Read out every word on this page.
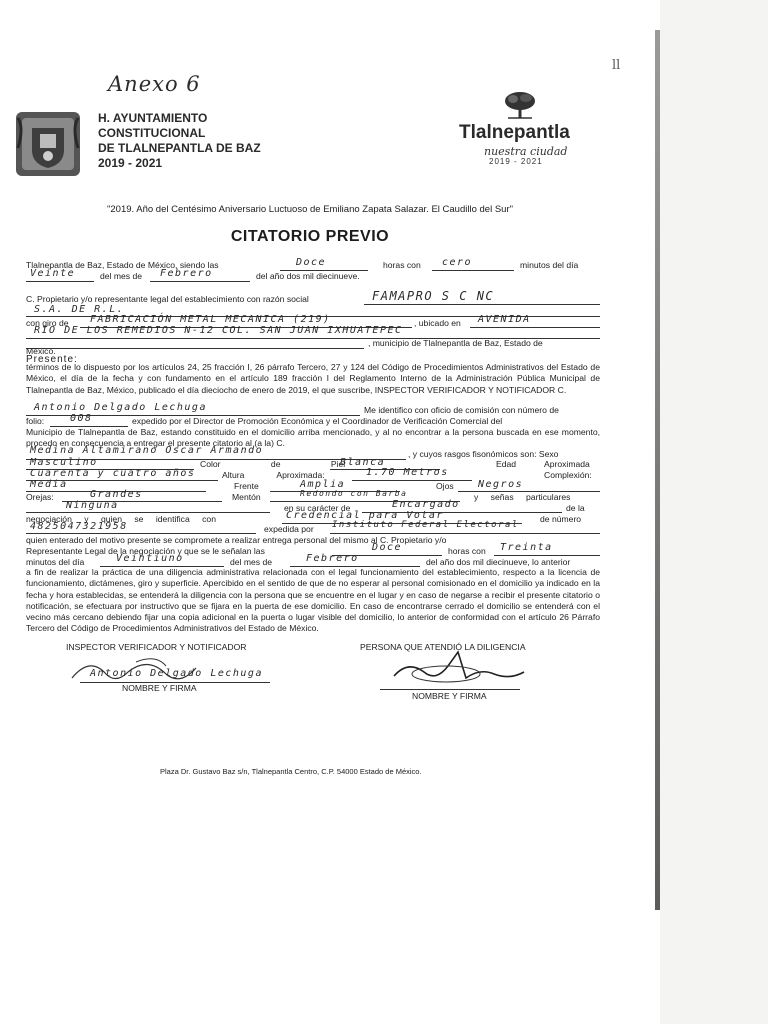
Anexo 6
ll
H. AYUNTAMIENTO
CONSTITUCIONAL
DE TLALNEPANTLA DE BAZ
2019 - 2021
Tlalnepantla
nuestra ciudad
2019 - 2021
"2019. Año del Centésimo Aniversario Luctuoso de Emiliano Zapata Salazar. El Caudillo del Sur"
CITATORIO PREVIO
Tlalnepantla de Baz, Estado de México, siendo las	Doce	horas con cero	minutos del día
Veinte	del mes de Febrero	del año dos mil diecinueve.
C. Propietario y/o representante legal del establecimiento con razón social	FAMAPRO S C NC
S.A. DE R.L.
con giro de FABRICACIÓN METAL MECANICA (219)	, ubicado en AVENIDA
RIO DE LOS REMEDIOS N-12 COL. SAN JUAN IXHUATEPEC
, municipio de Tlalnepantla de Baz, Estado de
México.
Presente:
términos de lo dispuesto por los artículos 24, 25 fracción I, 26 párrafo Tercero, 27 y 124 del Código de Procedimientos Administrativos del Estado de México, el día de la fecha y con fundamento en el artículo 189 fracción I del Reglamento Interno de la Administración Pública Municipal de Tlalnepantla de Baz, México, publicado el día dieciocho de enero de 2019, el que suscribe, INSPECTOR VERIFICADOR Y NOTIFICADOR C.
Antonio Delgado Lechuga	Me identifico con oficio de comisión con número de
folio:	008	expedido por el Director de Promoción Económica y el Coordinador de Verificación Comercial del
Municipio de Tlalnepantla de Baz, estando constituido en el domicilio arriba mencionado, y al no encontrar a la persona buscada en ese momento, procedo en consecuencia a entregar el presente citatorio al (a la) C.
Medina Altamirano Oscar Armando	, y cuyos rasgos fisonómicos son: Sexo
Masculino	Color de Piel
Blanca	Edad Aproximada
Cuarenta y cuatro años	Altura Aproximada:	1.70 Metros	Complexión:
Media	Frente	Amplia	Ojos Negros
Orejas:	Grandes	Mentón	Redondo con Barba	y señas particulares
Ninguna	en su carácter de	Encargado	de la
negociación y quien se identifica con	Credencial para Votar	de número
4825047321958	expedida por Instituto Federal Electoral
quien enterado del motivo presente se compromete a realizar entrega personal del mismo al C. Propietario y/o
Representante Legal de la negociación y que se le señalan las	Doce	horas con Treinta
minutos del día	Veintiuno	del mes de	Febrero	del año dos mil diecinueve, lo anterior
a fin de realizar la práctica de una diligencia administrativa relacionada con el legal funcionamiento del establecimiento, respecto a la licencia de funcionamiento, dictámenes, giro y superficie. Apercibido en el sentido de que de no esperar al personal comisionado en el domicilio ya indicado en la fecha y hora establecidas, se entenderá la diligencia con la persona que se encuentre en el lugar y en caso de negarse a recibir el presente citatorio o notificación, se efectuara por instructivo que se fijara en la puerta de ese domicilio. En caso de encontrarse cerrado el domicilio se entenderá con el vecino más cercano debiendo fijar una copia adicional en la puerta o lugar visible del domicilio, lo anterior de conformidad con el artículo 26 Párrafo Tercero del Código de Procedimientos Administrativos del Estado de México.
INSPECTOR VERIFICADOR Y NOTIFICADOR
Antonio Delgado Lechuga
NOMBRE Y FIRMA
PERSONA QUE ATENDIÓ LA DILIGENCIA
NOMBRE Y FIRMA
Plaza Dr. Gustavo Baz s/n, Tlalnepantla Centro, C.P. 54000 Estado de México.
